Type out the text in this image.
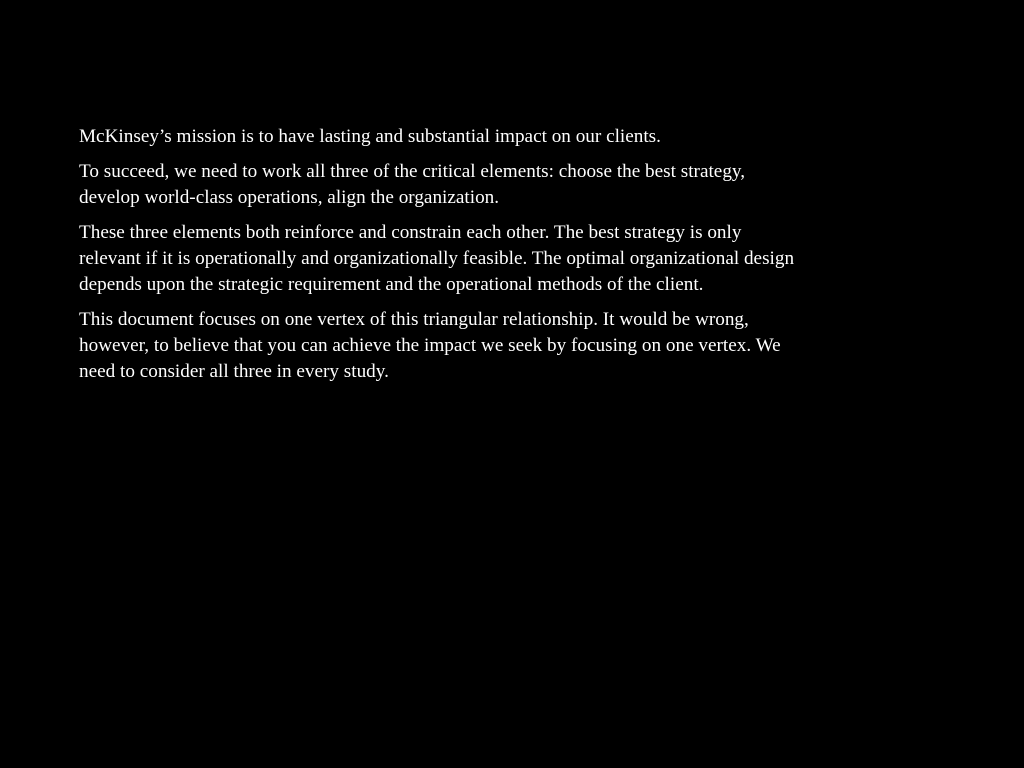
McKinsey’s mission is to have lasting and substantial impact on our clients.

To succeed, we need to work all three of the critical elements: choose the best strategy,
develop world-class operations, align the organization.

These three elements both reinforce and constrain each other. The best strategy is only
relevant if it is operationally and organizationally feasible. The optimal organizational design
depends upon the strategic requirement and the operational methods of the client.

This document focuses on one vertex of this triangular relationship. It would be wrong,
however, to believe that you can achieve the impact we seek by focusing on one vertex. We
need to consider all three in every study.
